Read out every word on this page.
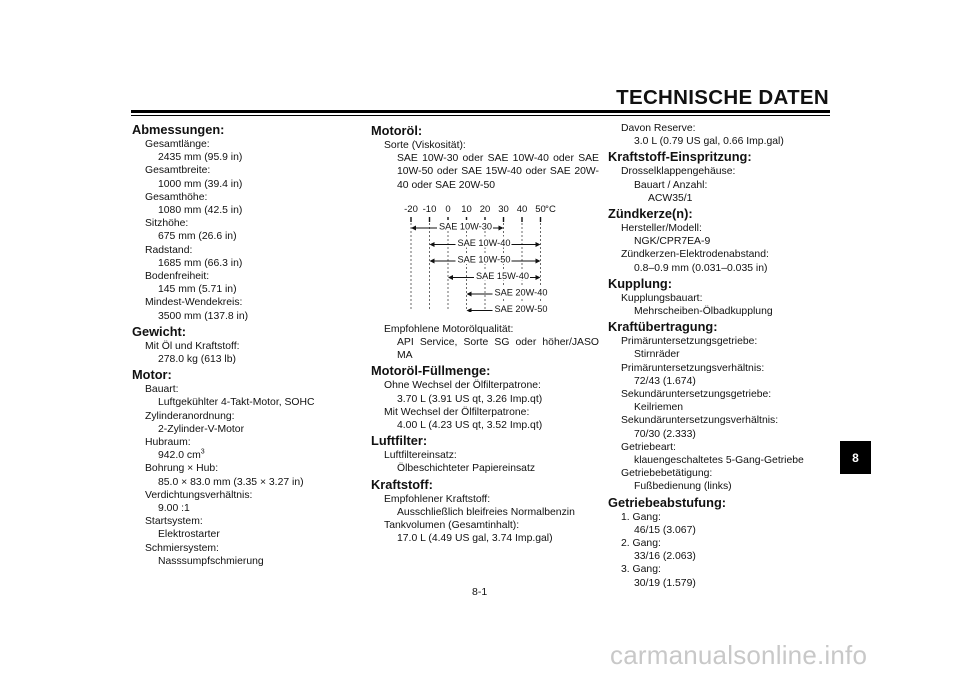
TECHNISCHE DATEN
Abmessungen:
Gesamtlänge:
2435 mm (95.9 in)
Gesamtbreite:
1000 mm (39.4 in)
Gesamthöhe:
1080 mm (42.5 in)
Sitzhöhe:
675 mm (26.6 in)
Radstand:
1685 mm (66.3 in)
Bodenfreiheit:
145 mm (5.71 in)
Mindest-Wendekreis:
3500 mm (137.8 in)
Gewicht:
Mit Öl und Kraftstoff:
278.0 kg (613 lb)
Motor:
Bauart:
Luftgekühlter 4-Takt-Motor, SOHC
Zylinderanordnung:
2-Zylinder-V-Motor
Hubraum:
942.0 $cm^3$
Bohrung × Hub:
85.0 × 83.0 mm (3.35 × 3.27 in)
Verdichtungsverhältnis:
9.00 :1
Startsystem:
Elektrostarter
Schmiersystem:
Nasssumpfschmierung
Motoröl:
Sorte (Viskosität):
SAE 10W-30 oder SAE 10W-40 oder SAE 10W-50 oder SAE 15W-40 oder SAE 20W-40 oder SAE 20W-50
-20 -10 0 10 20 30 40 50 °C
SAE 10W-30
SAE 10W-40
SAE 10W-50
SAE 15W-40
SAE 20W-40
SAE 20W-50
Empfohlene Motorölqualität:
API Service, Sorte SG oder höher/JASO MA
Motoröl-Füllmenge:
Ohne Wechsel der Ölfilterpatrone:
3.70 L (3.91 US qt, 3.26 Imp.qt)
Mit Wechsel der Ölfilterpatrone:
4.00 L (4.23 US qt, 3.52 Imp.qt)
Luftfilter:
Luftfiltereinsatz:
Ölbeschichteter Papiereinsatz
Kraftstoff:
Empfohlener Kraftstoff:
Ausschließlich bleifreies Normalbenzin
Tankvolumen (Gesamtinhalt):
17.0 L (4.49 US gal, 3.74 Imp.gal)
Davon Reserve:
3.0 L (0.79 US gal, 0.66 Imp.gal)
Kraftstoff-Einspritzung:
Drosselklappengehäuse:
Bauart / Anzahl:
ACW35/1
Zündkerze(n):
Hersteller/Modell:
NGK/CPR7EA-9
Zündkerzen-Elektrodenabstand:
0.8–0.9 mm (0.031–0.035 in)
Kupplung:
Kupplungsbauart:
Mehrscheiben-Ölbadkupplung
Kraftübertragung:
Primäruntersetzungsgetriebe:
Stirnräder
Primäruntersetzungsverhältnis:
72/43 (1.674)
Sekundäruntersetzungsgetriebe:
Keilriemen
Sekundäruntersetzungsverhältnis:
70/30 (2.333)
Getriebeart:
klauengeschaltetes 5-Gang-Getriebe
Getriebebetätigung:
Fußbedienung (links)
Getriebeabstufung:
1. Gang:
46/15 (3.067)
2. Gang:
33/16 (2.063)
3. Gang:
30/19 (1.579)
8
8-1
carmanualsonline.info
